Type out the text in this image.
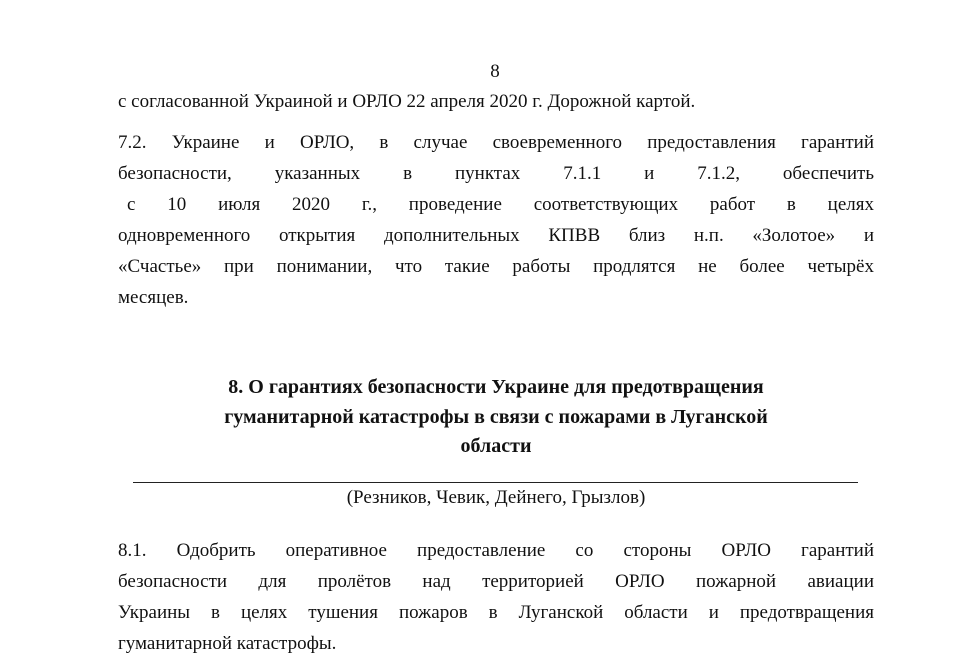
8
с согласованной Украиной и ОРЛО 22 апреля 2020 г. Дорожной картой.
7.2. Украине и ОРЛО, в случае своевременного предоставления гарантий
безопасности, указанных в пунктах 7.1.1 и 7.1.2, обеспечить
с 10 июля 2020 г., проведение соответствующих работ в целях
одновременного открытия дополнительных КПВВ близ н.п. «Золотое» и
«Счастье» при понимании, что такие работы продлятся не более четырёх
месяцев.
8. О гарантиях безопасности Украине для предотвращения
гуманитарной катастрофы в связи с пожарами в Луганской
области
(Резников, Чевик, Дейнего, Грызлов)
8.1. Одобрить оперативное предоставление со стороны ОРЛО гарантий
безопасности для пролётов над территорией ОРЛО пожарной авиации
Украины в целях тушения пожаров в Луганской области и предотвращения
гуманитарной катастрофы.
